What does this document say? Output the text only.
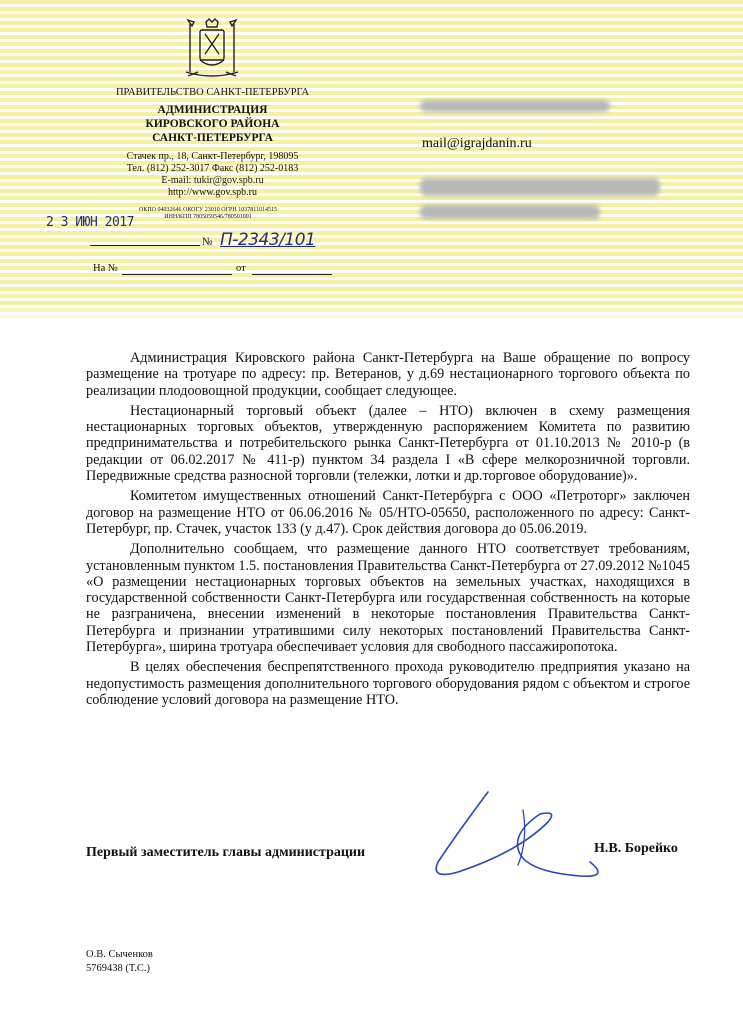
ПРАВИТЕЛЬСТВО САНКТ-ПЕТЕРБУРГА
АДМИНИСТРАЦИЯ
КИРОВСКОГО РАЙОНА
САНКТ-ПЕТЕРБУРГА
Стачек пр., 18, Санкт-Петербург, 198095
Тел. (812) 252-3017 Факс (812) 252-0183
E-mail: tukir@gov.spb.ru
http://www.gov.spb.ru
ОКПО 04032646 ОКОГУ 23010 ОГРН 1037811014515
ИНН/КПП 7805059546/780501001
2 3 ИЮН 2017
№ П-2343/101
На №	от
mail@igrajdanin.ru

Администрация Кировского района Санкт-Петербурга на Ваше обращение по вопросу размещение на тротуаре по адресу: пр. Ветеранов, у д.69 нестационарного торгового объекта по реализации плодоовощной продукции, сообщает следующее.

Нестационарный торговый объект (далее – НТО) включен в схему размещения нестационарных торговых объектов, утвержденную распоряжением Комитета по развитию предпринимательства и потребительского рынка Санкт-Петербурга от 01.10.2013 № 2010-р (в редакции от 06.02.2017 № 411-р) пунктом 34 раздела I «В сфере мелкорозничной торговли. Передвижные средства разносной торговли (тележки, лотки и др.торговое оборудование)».

Комитетом имущественных отношений Санкт-Петербурга с ООО «Петроторг» заключен договор на размещение НТО от 06.06.2016 № 05/НТО-05650, расположенного по адресу: Санкт-Петербург, пр. Стачек, участок 133 (у д.47). Срок действия договора до 05.06.2019.

Дополнительно сообщаем, что размещение данного НТО соответствует требованиям, установленным пунктом 1.5. постановления Правительства Санкт-Петербурга от 27.09.2012 №1045 «О размещении нестационарных торговых объектов на земельных участках, находящихся в государственной собственности Санкт-Петербурга или государственная собственность на которые не разграничена, внесении изменений в некоторые постановления Правительства Санкт-Петербурга и признании утратившими силу некоторых постановлений Правительства Санкт-Петербурга», ширина тротуара обеспечивает условия для свободного пассажиропотока.

В целях обеспечения беспрепятственного прохода руководителю предприятия указано на недопустимость размещения дополнительного торгового оборудования рядом с объектом и строгое соблюдение условий договора на размещение НТО.

Первый заместитель главы администрации	Н.В. Борейко
О.В. Сыченков
5769438 (Т.С.)
